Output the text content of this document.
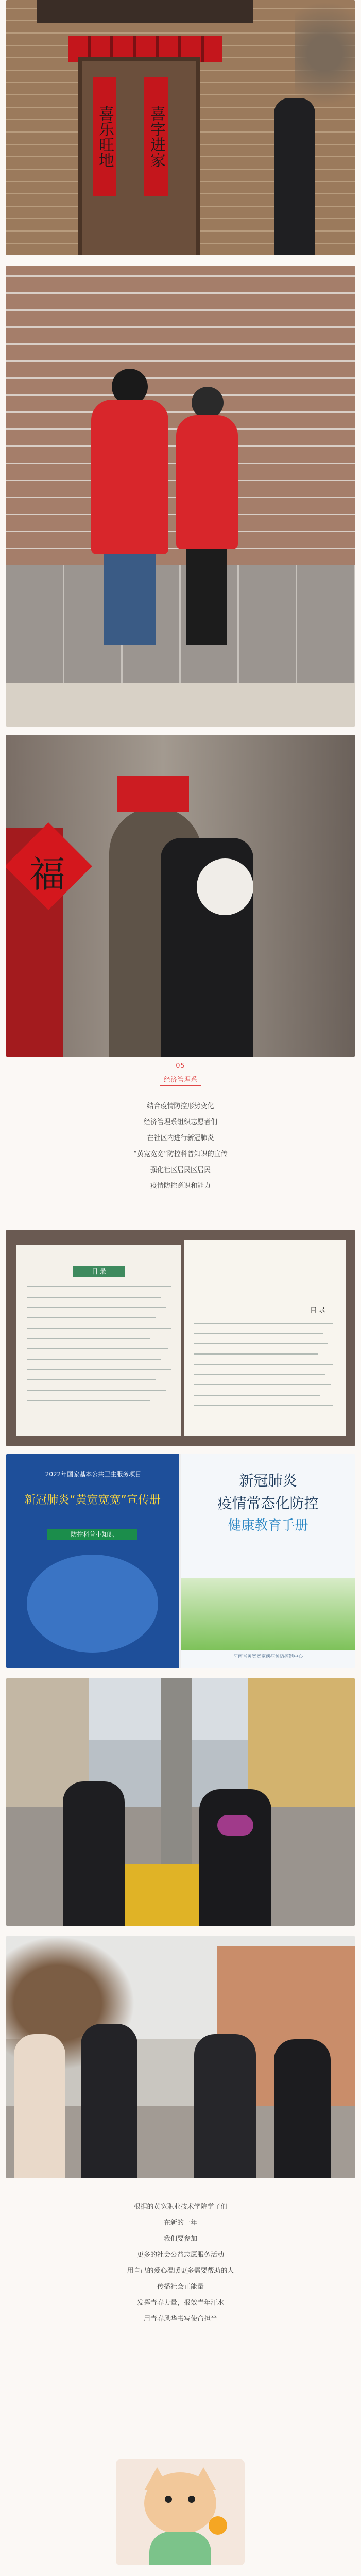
喜乐旺地 喜字进家
福
05
经济管理系

结合疫情防控形势变化

经济管理系组织志愿者们

在社区内进行新冠肺炎

“黄宽宽宽”防控科普知识的宣传

强化社区居民区居民

疫情防控意识和能力

目 录
目 录
2022年国家基本公共卫生服务项目
新冠肺炎“黄宽宽宽”宣传册
防控科普小知识
新冠肺炎
疫情常态化防控
健康教育手册
河南省黄宽宽宽疾病预防控制中心

根据的黄宽职业技术学院学子们

在新的一年

我们要参加

更多的社会公益志愿服务活动

用自己的爱心温暖更多需要帮助的人

传播社会正能量

发挥青春力量，报效青年汗水

用青春风华书写使命担当
